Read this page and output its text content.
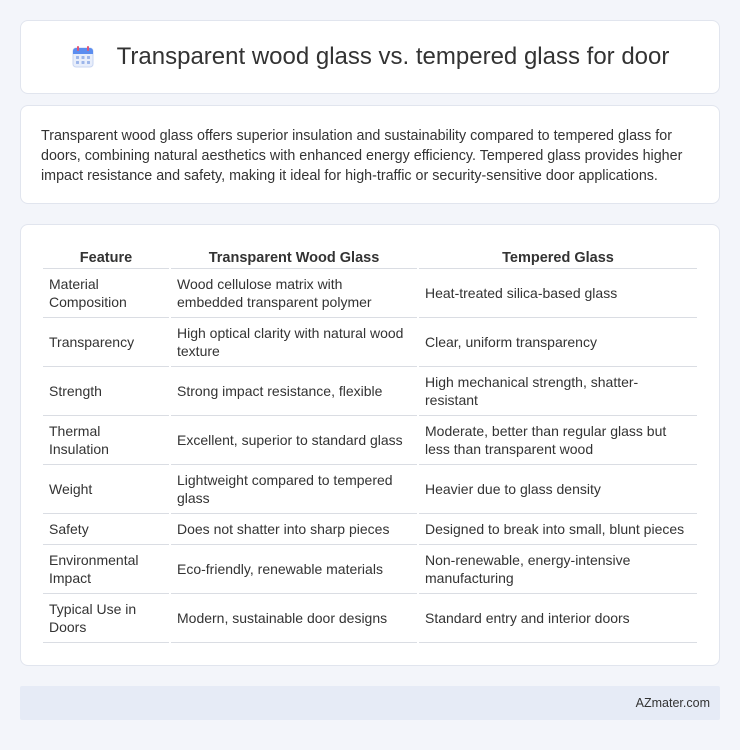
Transparent wood glass vs. tempered glass for door

Transparent wood glass offers superior insulation and sustainability compared to tempered glass for doors, combining natural aesthetics with enhanced energy efficiency. Tempered glass provides higher impact resistance and safety, making it ideal for high-traffic or security-sensitive door applications.

Feature	Transparent Wood Glass	Tempered Glass
Material Composition	Wood cellulose matrix with embedded transparent polymer	Heat-treated silica-based glass
Transparency	High optical clarity with natural wood texture	Clear, uniform transparency
Strength	Strong impact resistance, flexible	High mechanical strength, shatter-resistant
Thermal Insulation	Excellent, superior to standard glass	Moderate, better than regular glass but less than transparent wood
Weight	Lightweight compared to tempered glass	Heavier due to glass density
Safety	Does not shatter into sharp pieces	Designed to break into small, blunt pieces
Environmental Impact	Eco-friendly, renewable materials	Non-renewable, energy-intensive manufacturing
Typical Use in Doors	Modern, sustainable door designs	Standard entry and interior doors
AZmater.com
